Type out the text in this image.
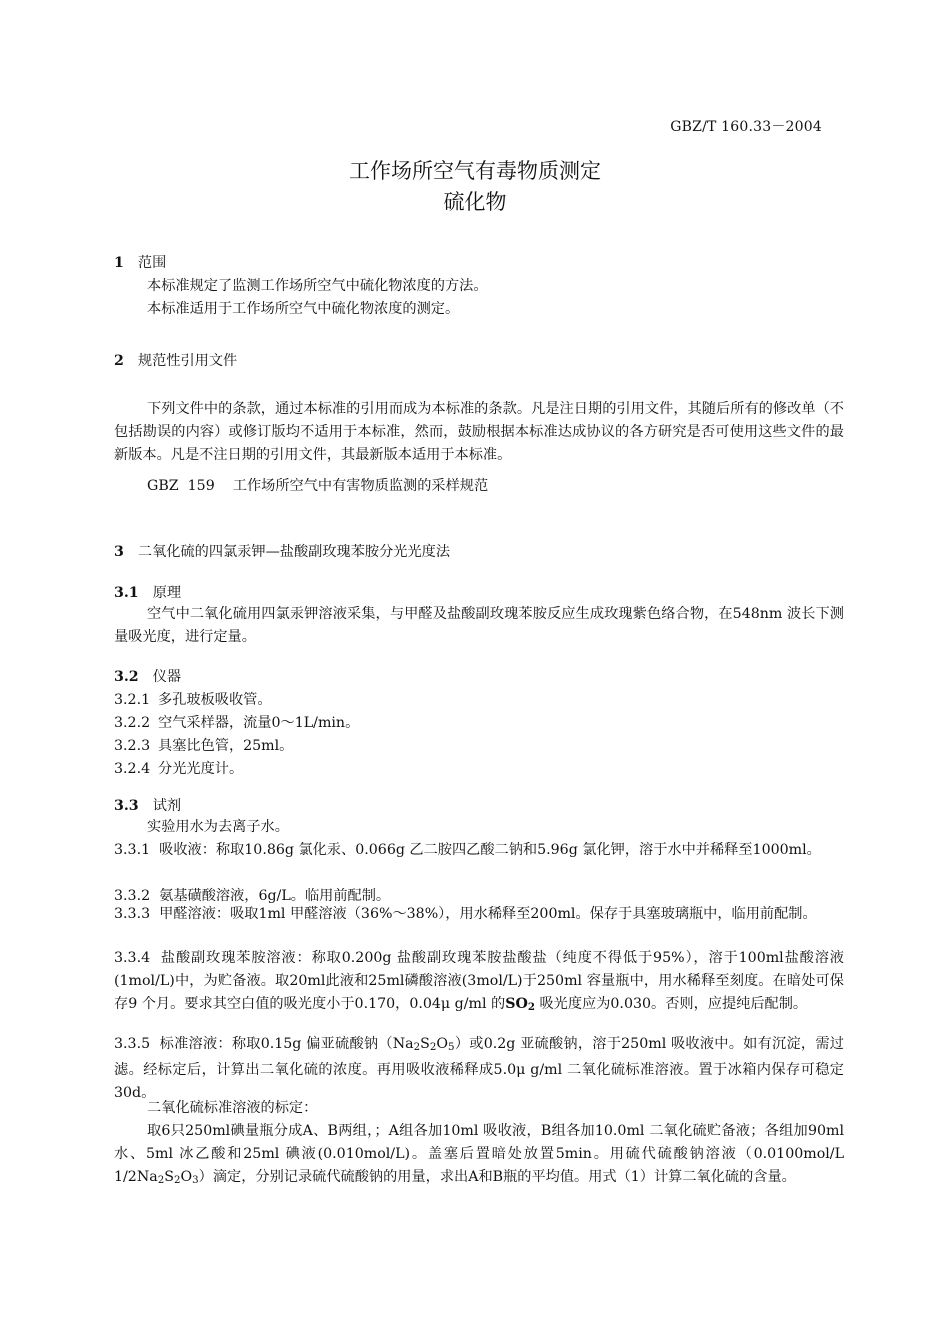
GBZ/T 160.33－2004
工作场所空气有毒物质测定
硫化物
1 范围
本标准规定了监测工作场所空气中硫化物浓度的方法。
本标准适用于工作场所空气中硫化物浓度的测定。
2 规范性引用文件
下列文件中的条款，通过本标准的引用而成为本标准的条款。凡是注日期的引用文件，其随后所有的修改单（不包括勘误的内容）或修订版均不适用于本标准，然而，鼓励根据本标准达成协议的各方研究是否可使用这些文件的最新版本。凡是不注日期的引用文件，其最新版本适用于本标准。
GBZ  159    工作场所空气中有害物质监测的采样规范
3 二氧化硫的四氯汞钾—盐酸副玫瑰苯胺分光光度法
3.1 原理
空气中二氧化硫用四氯汞钾溶液采集，与甲醛及盐酸副玫瑰苯胺反应生成玫瑰紫色络合物，在548nm 波长下测量吸光度，进行定量。
3.2 仪器
3.2.1 多孔玻板吸收管。
3.2.2 空气采样器，流量0～1L/min。
3.2.3 具塞比色管，25ml。
3.2.4 分光光度计。
3.3 试剂
实验用水为去离子水。
3.3.1 吸收液：称取10.86g 氯化汞、0.066g 乙二胺四乙酸二钠和5.96g 氯化钾，溶于水中并稀释至1000ml。
3.3.2 氨基磺酸溶液，6g/L。临用前配制。
3.3.3 甲醛溶液：吸取1ml 甲醛溶液（36%～38%），用水稀释至200ml。保存于具塞玻璃瓶中，临用前配制。
3.3.4 盐酸副玫瑰苯胺溶液：称取0.200g 盐酸副玫瑰苯胺盐酸盐（纯度不得低于95%），溶于100ml盐酸溶液(1mol/L)中，为贮备液。取20ml此液和25ml磷酸溶液(3mol/L)于250ml 容量瓶中，用水稀释至刻度。在暗处可保存9 个月。要求其空白值的吸光度小于0.170，0.04μ g/ml 的SO2 吸光度应为0.030。否则，应提纯后配制。
3.3.5 标准溶液：称取0.15g 偏亚硫酸钠（Na2S2O5）或0.2g 亚硫酸钠，溶于250ml 吸收液中。如有沉淀，需过滤。经标定后，计算出二氧化硫的浓度。再用吸收液稀释成5.0μ g/ml 二氧化硫标准溶液。置于冰箱内保存可稳定30d。
二氧化硫标准溶液的标定：
取6只250ml碘量瓶分成A、B两组，；A组各加10ml 吸收液，B组各加10.0ml 二氧化硫贮备液；各组加90ml 水、5ml 冰乙酸和25ml 碘液(0.010mol/L)。盖塞后置暗处放置5min。用硫代硫酸钠溶液（0.0100mol/L 1/2Na2S2O3）滴定，分别记录硫代硫酸钠的用量，求出A和B瓶的平均值。用式（1）计算二氧化硫的含量。
